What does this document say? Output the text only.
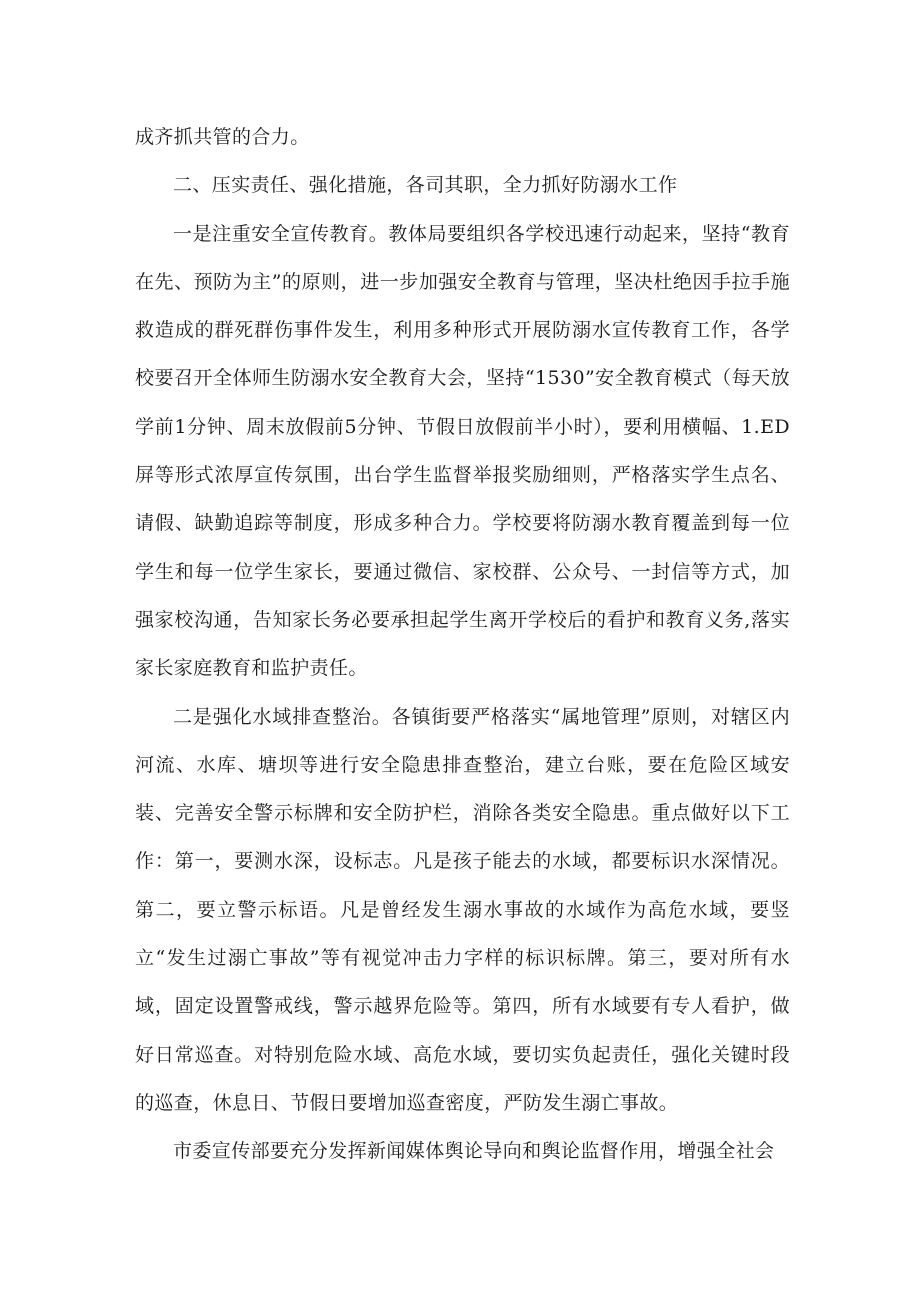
成齐抓共管的合力。

二、压实责任、强化措施，各司其职，全力抓好防溺水工作

一是注重安全宣传教育。教体局要组织各学校迅速行动起来，坚持“教育在先、预防为主”的原则，进一步加强安全教育与管理，坚决杜绝因手拉手施救造成的群死群伤事件发生，利用多种形式开展防溺水宣传教育工作，各学校要召开全体师生防溺水安全教育大会，坚持“1530”安全教育模式（每天放学前1分钟、周末放假前5分钟、节假日放假前半小时），要利用横幅、1.ED屏等形式浓厚宣传氛围，出台学生监督举报奖励细则，严格落实学生点名、请假、缺勤追踪等制度，形成多种合力。学校要将防溺水教育覆盖到每一位学生和每一位学生家长，要通过微信、家校群、公众号、一封信等方式，加强家校沟通，告知家长务必要承担起学生离开学校后的看护和教育义务,落实家长家庭教育和监护责任。

二是强化水域排查整治。各镇街要严格落实“属地管理”原则，对辖区内河流、水库、塘坝等进行安全隐患排查整治，建立台账，要在危险区域安装、完善安全警示标牌和安全防护栏，消除各类安全隐患。重点做好以下工作：第一，要测水深，设标志。凡是孩子能去的水域，都要标识水深情况。第二，要立警示标语。凡是曾经发生溺水事故的水域作为高危水域，要竖立“发生过溺亡事故”等有视觉冲击力字样的标识标牌。第三，要对所有水域，固定设置警戒线，警示越界危险等。第四，所有水域要有专人看护，做好日常巡查。对特别危险水域、高危水域，要切实负起责任，强化关键时段的巡查，休息日、节假日要增加巡查密度，严防发生溺亡事故。

市委宣传部要充分发挥新闻媒体舆论导向和舆论监督作用，增强全社会
